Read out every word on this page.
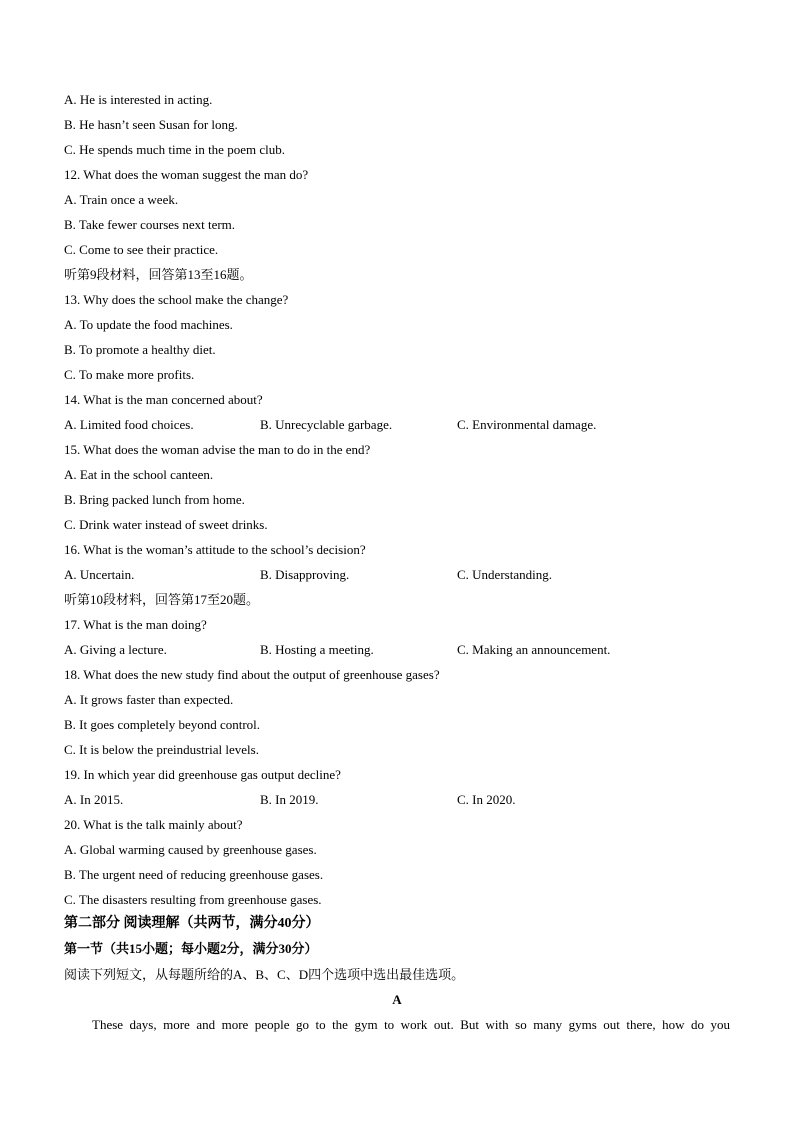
A. He is interested in acting.
B. He hasn’t seen Susan for long.
C. He spends much time in the poem club.
12. What does the woman suggest the man do?
A. Train once a week.
B. Take fewer courses next term.
C. Come to see their practice.
听第9段材料，回答第13至16题。
13. Why does the school make the change?
A. To update the food machines.
B. To promote a healthy diet.
C. To make more profits.
14. What is the man concerned about?
A. Limited food choices.	B. Unrecyclable garbage.	C. Environmental damage.
15. What does the woman advise the man to do in the end?
A. Eat in the school canteen.
B. Bring packed lunch from home.
C. Drink water instead of sweet drinks.
16. What is the woman’s attitude to the school’s decision?
A. Uncertain.	B. Disapproving.	C. Understanding.
听第10段材料，回答第17至20题。
17. What is the man doing?
A. Giving a lecture.	B. Hosting a meeting.	C. Making an announcement.
18. What does the new study find about the output of greenhouse gases?
A. It grows faster than expected.
B. It goes completely beyond control.
C. It is below the preindustrial levels.
19. In which year did greenhouse gas output decline?
A. In 2015.	B. In 2019.	C. In 2020.
20. What is the talk mainly about?
A. Global warming caused by greenhouse gases.
B. The urgent need of reducing greenhouse gases.
C. The disasters resulting from greenhouse gases.
第二部分 阅读理解（共两节，满分40分）
第一节（共15小题；每小题2分，满分30分）
阅读下列短文，从每题所给的A、B、C、D四个选项中选出最佳选项。
A
These days, more and more people go to the gym to work out. But with so many gyms out there, how do you
